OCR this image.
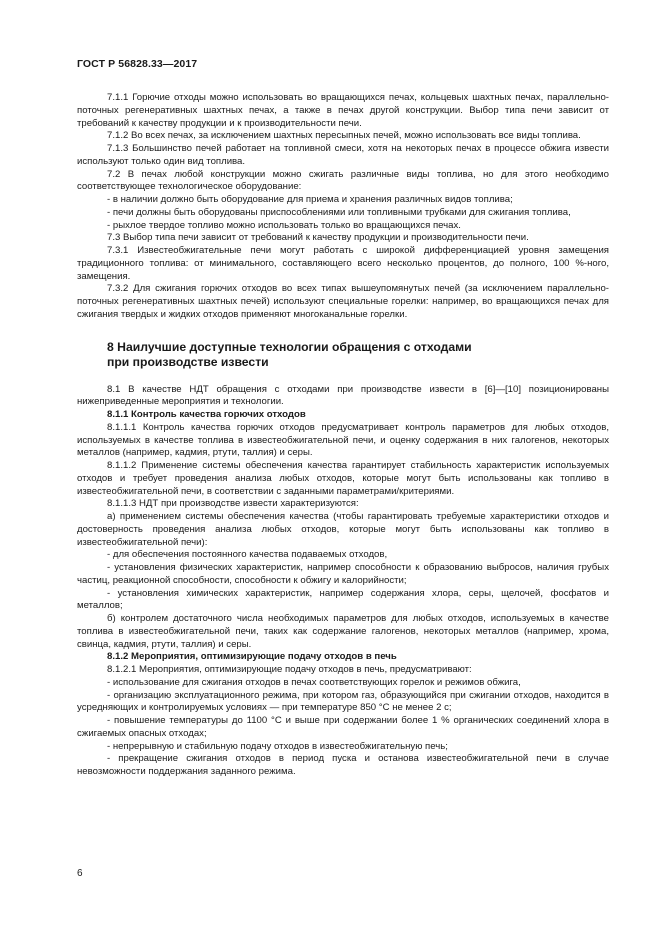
ГОСТ Р 56828.33—2017

7.1.1 Горючие отходы можно использовать во вращающихся печах, кольцевых шахтных печах, параллельно-поточных регенеративных шахтных печах, а также в печах другой конструкции. Выбор типа печи зависит от требований к качеству продукции и к производительности печи.

7.1.2 Во всех печах, за исключением шахтных пересыпных печей, можно использовать все виды топлива.

7.1.3 Большинство печей работает на топливной смеси, хотя на некоторых печах в процессе обжига извести используют только один вид топлива.

7.2 В печах любой конструкции можно сжигать различные виды топлива, но для этого необходимо соответствующее технологическое оборудование:

- в наличии должно быть оборудование для приема и хранения различных видов топлива;

- печи должны быть оборудованы приспособлениями или топливными трубками для сжигания топлива,

- рыхлое твердое топливо можно использовать только во вращающихся печах.

7.3 Выбор типа печи зависит от требований к качеству продукции и производительности печи.

7.3.1 Известеобжигательные печи могут работать с широкой дифференциацией уровня замещения традиционного топлива: от минимального, составляющего всего несколько процентов, до полного, 100 %-ного, замещения.

7.3.2 Для сжигания горючих отходов во всех типах вышеупомянутых печей (за исключением параллельно-поточных регенеративных шахтных печей) используют специальные горелки: например, во вращающихся печах для сжигания твердых и жидких отходов применяют многоканальные горелки.

8 Наилучшие доступные технологии обращения с отходами
при производстве извести

8.1 В качестве НДТ обращения с отходами при производстве извести в [6]—[10] позиционированы нижеприведенные мероприятия и технологии.

8.1.1 Контроль качества горючих отходов

8.1.1.1 Контроль качества горючих отходов предусматривает контроль параметров для любых отходов, используемых в качестве топлива в известеобжигательной печи, и оценку содержания в них галогенов, некоторых металлов (например, кадмия, ртути, таллия) и серы.

8.1.1.2 Применение системы обеспечения качества гарантирует стабильность характеристик используемых отходов и требует проведения анализа любых отходов, которые могут быть использованы как топливо в известеобжигательной печи, в соответствии с заданными параметрами/критериями.

8.1.1.3 НДТ при производстве извести характеризуются:

а) применением системы обеспечения качества (чтобы гарантировать требуемые характеристики отходов и достоверность проведения анализа любых отходов, которые могут быть использованы как топливо в известеобжигательной печи):

- для обеспечения постоянного качества подаваемых отходов,

- установления физических характеристик, например способности к образованию выбросов, наличия грубых частиц, реакционной способности, способности к обжигу и калорийности;

- установления химических характеристик, например содержания хлора, серы, щелочей, фосфатов и металлов;

б) контролем достаточного числа необходимых параметров для любых отходов, используемых в качестве топлива в известеобжигательной печи, таких как содержание галогенов, некоторых металлов (например, хрома, свинца, кадмия, ртути, таллия) и серы.

8.1.2 Мероприятия, оптимизирующие подачу отходов в печь

8.1.2.1 Мероприятия, оптимизирующие подачу отходов в печь, предусматривают:

- использование для сжигания отходов в печах соответствующих горелок и режимов обжига,

- организацию эксплуатационного режима, при котором газ, образующийся при сжигании отходов, находится в усредняющих и контролируемых условиях — при температуре 850 °C не менее 2 с;

- повышение температуры до 1100 °C и выше при содержании более 1 % органических соединений хлора в сжигаемых опасных отходах;

- непрерывную и стабильную подачу отходов в известеобжигательную печь;

- прекращение сжигания отходов в период пуска и останова известеобжигательной печи в случае невозможности поддержания заданного режима.

6
